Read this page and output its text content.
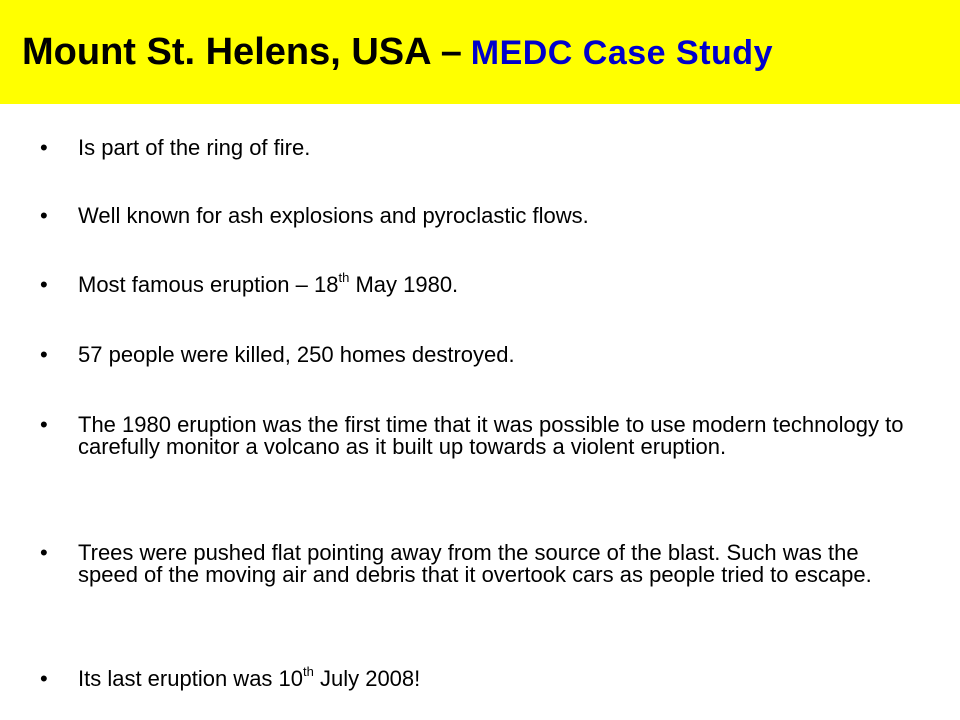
Mount St. Helens, USA – MEDC Case Study
•	Is part of the ring of fire.
•	Well known for ash explosions and pyroclastic flows.
•	Most famous eruption – 18th May 1980.
•	57 people were killed, 250 homes destroyed.
•	The 1980 eruption was the first time that it was possible to use modern technology to carefully monitor a volcano as it built up towards a violent eruption.
•	Trees were pushed flat pointing away from the source of the blast. Such was the speed of the moving air and debris that it overtook cars as people tried to escape.
•	Its last eruption was 10th July 2008!
